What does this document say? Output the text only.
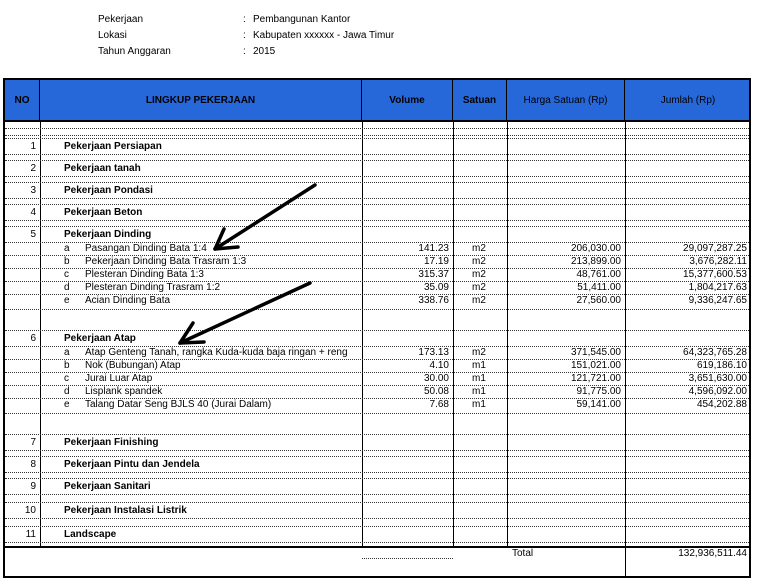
Pekerjaan	: Pembangunan Kantor
Lokasi	: Kabupaten xxxxxx - Jawa Timur
Tahun Anggaran	: 2015
NO	LINGKUP PEKERJAAN	Volume	Satuan	Harga Satuan (Rp)	Jumlah (Rp)
1	Pekerjaan Persiapan
2	Pekerjaan tanah
3	Pekerjaan Pondasi
4	Pekerjaan Beton
5	Pekerjaan Dinding
a	Pasangan Dinding Bata 1:4	141.23 m2	206,030.00	29,097,287.25
b	Pekerjaan Dinding Bata Trasram 1:3	17.19 m2	213,899.00	3,676,282.11
c	Plesteran Dinding Bata 1:3	315.37 m2	48,761.00	15,377,600.53
d	Plesteran Dinding Trasram 1:2	35.09 m2	51,411.00	1,804,217.63
e	Acian Dinding Bata	338.76 m2	27,560.00	9,336,247.65
6	Pekerjaan Atap
a	Atap Genteng Tanah, rangka Kuda-kuda baja ringan + reng	173.13 m2	371,545.00	64,323,765.28
b	Nok (Bubungan) Atap	4.10 m1	151,021.00	619,186.10
c	Jurai Luar Atap	30.00 m1	121,721.00	3,651,630.00
d	Lisplank spandek	50.08 m1	91,775.00	4,596,092.00
e	Talang Datar Seng BJLS 40 (Jurai Dalam)	7.68 m1	59,141.00	454,202.88
7	Pekerjaan Finishing
8	Pekerjaan Pintu dan Jendela
9	Pekerjaan Sanitari
10	Pekerjaan Instalasi Listrik
11	Landscape
Total	132,936,511.44
